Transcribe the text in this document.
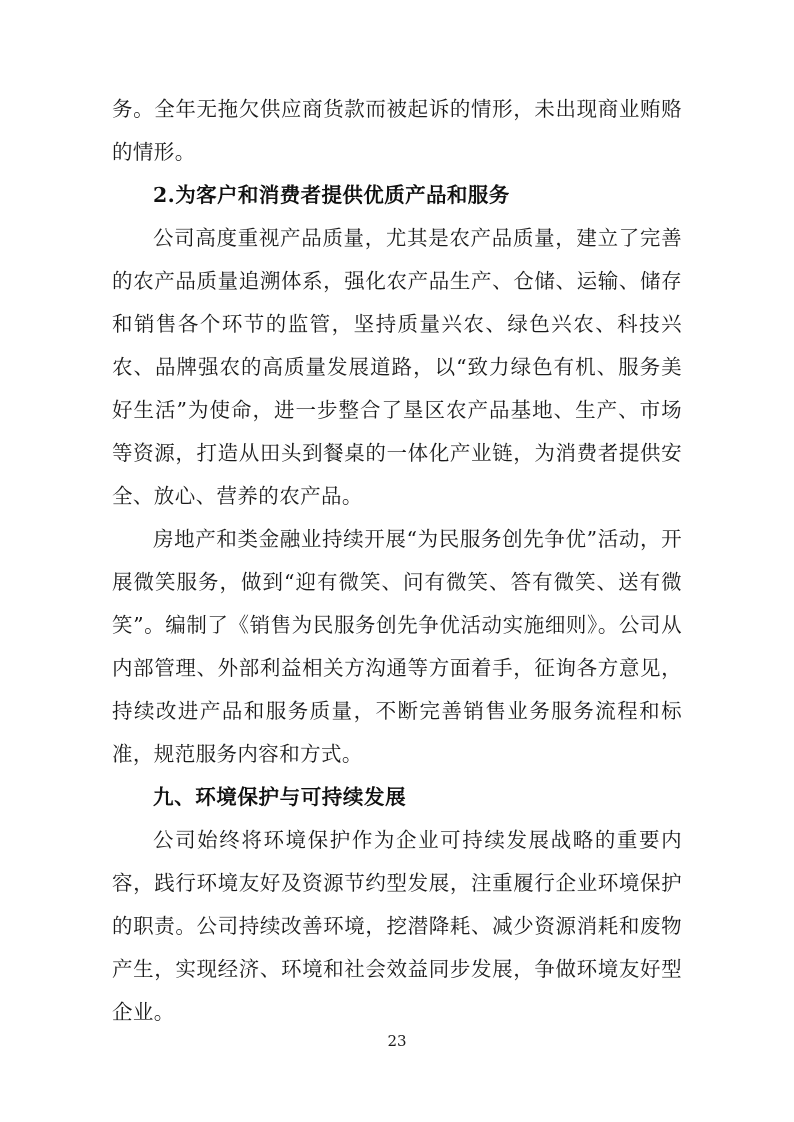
务。全年无拖欠供应商货款而被起诉的情形，未出现商业贿赂的情形。

2.为客户和消费者提供优质产品和服务

公司高度重视产品质量，尤其是农产品质量，建立了完善的农产品质量追溯体系，强化农产品生产、仓储、运输、储存和销售各个环节的监管，坚持质量兴农、绿色兴农、科技兴农、品牌强农的高质量发展道路，以“致力绿色有机、服务美好生活”为使命，进一步整合了垦区农产品基地、生产、市场等资源，打造从田头到餐桌的一体化产业链，为消费者提供安全、放心、营养的农产品。

房地产和类金融业持续开展“为民服务创先争优”活动，开展微笑服务，做到“迎有微笑、问有微笑、答有微笑、送有微笑”。编制了《销售为民服务创先争优活动实施细则》。公司从内部管理、外部利益相关方沟通等方面着手，征询各方意见，持续改进产品和服务质量，不断完善销售业务服务流程和标准，规范服务内容和方式。

九、环境保护与可持续发展

公司始终将环境保护作为企业可持续发展战略的重要内容，践行环境友好及资源节约型发展，注重履行企业环境保护的职责。公司持续改善环境，挖潜降耗、减少资源消耗和废物产生，实现经济、环境和社会效益同步发展，争做环境友好型企业。

23
